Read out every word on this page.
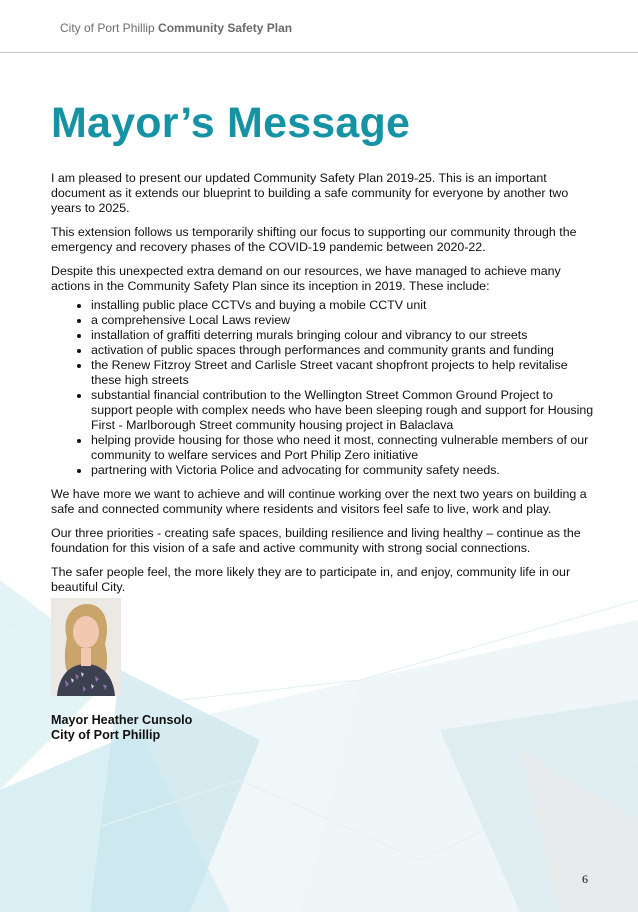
City of Port Phillip Community Safety Plan
Mayor’s Message

I am pleased to present our updated Community Safety Plan 2019-25. This is an important document as it extends our blueprint to building a safe community for everyone by another two years to 2025.

This extension follows us temporarily shifting our focus to supporting our community through the emergency and recovery phases of the COVID-19 pandemic between 2020-22.

Despite this unexpected extra demand on our resources, we have managed to achieve many actions in the Community Safety Plan since its inception in 2019. These include:

• installing public place CCTVs and buying a mobile CCTV unit
• a comprehensive Local Laws review
• installation of graffiti deterring murals bringing colour and vibrancy to our streets
• activation of public spaces through performances and community grants and funding
• the Renew Fitzroy Street and Carlisle Street vacant shopfront projects to help revitalise these high streets
• substantial financial contribution to the Wellington Street Common Ground Project to support people with complex needs who have been sleeping rough and support for Housing First - Marlborough Street community housing project in Balaclava
• helping provide housing for those who need it most, connecting vulnerable members of our community to welfare services and Port Philip Zero initiative
• partnering with Victoria Police and advocating for community safety needs.

We have more we want to achieve and will continue working over the next two years on building a safe and connected community where residents and visitors feel safe to live, work and play.

Our three priorities - creating safe spaces, building resilience and living healthy – continue as the foundation for this vision of a safe and active community with strong social connections.

The safer people feel, the more likely they are to participate in, and enjoy, community life in our beautiful City.

Mayor Heather Cunsolo
City of Port Phillip
6
